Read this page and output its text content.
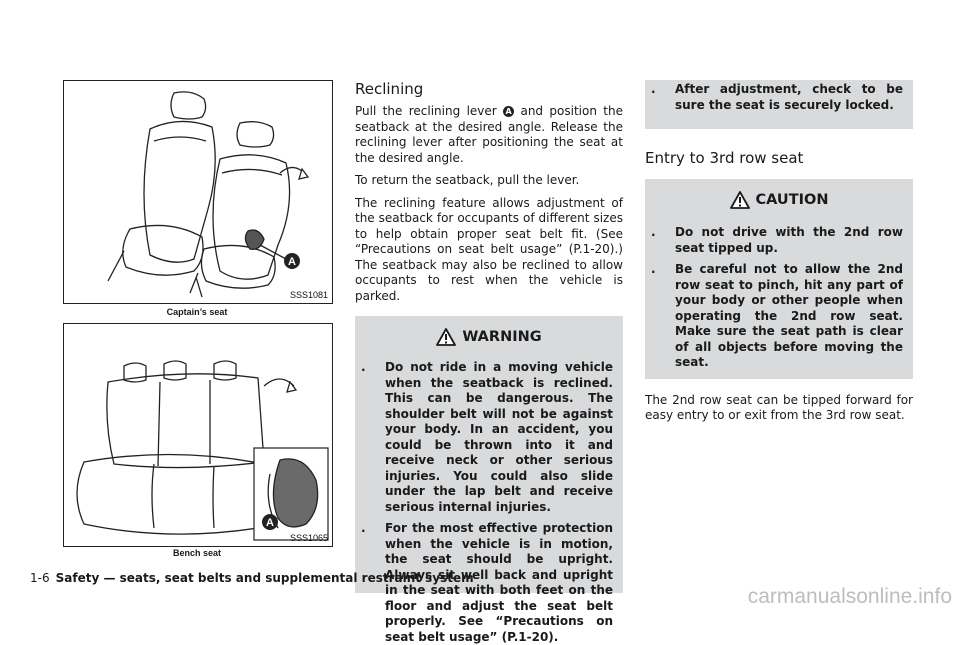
A
SSS1081
Captain’s seat
A
SSS1065
Bench seat
Reclining

Pull the reclining lever A and position the seatback at the desired angle. Release the reclining lever after positioning the seat at the desired angle.

To return the seatback, pull the lever.

The reclining feature allows adjustment of the seatback for occupants of different sizes to help obtain proper seat belt fit. (See “Precautions on seat belt usage” (P.1-20).) The seatback may also be reclined to allow occupants to rest when the vehicle is parked.

WARNING
. Do not ride in a moving vehicle when the seatback is reclined. This can be dangerous. The shoulder belt will not be against your body. In an accident, you could be thrown into it and receive neck or other serious injuries. You could also slide under the lap belt and receive serious internal injuries.
. For the most effective protection when the vehicle is in motion, the seat should be upright. Always sit well back and upright in the seat with both feet on the floor and adjust the seat belt properly. See “Precautions on seat belt usage” (P.1-20).
. After adjustment, check to be sure the seat is securely locked.
Entry to 3rd row seat
CAUTION
. Do not drive with the 2nd row seat tipped up.
. Be careful not to allow the 2nd row seat to pinch, hit any part of your body or other people when operating the 2nd row seat. Make sure the seat path is clear of all objects before moving the seat.

The 2nd row seat can be tipped forward for easy entry to or exit from the 3rd row seat.

1-6 Safety — seats, seat belts and supplemental restraint system
carmanualsonline.info
